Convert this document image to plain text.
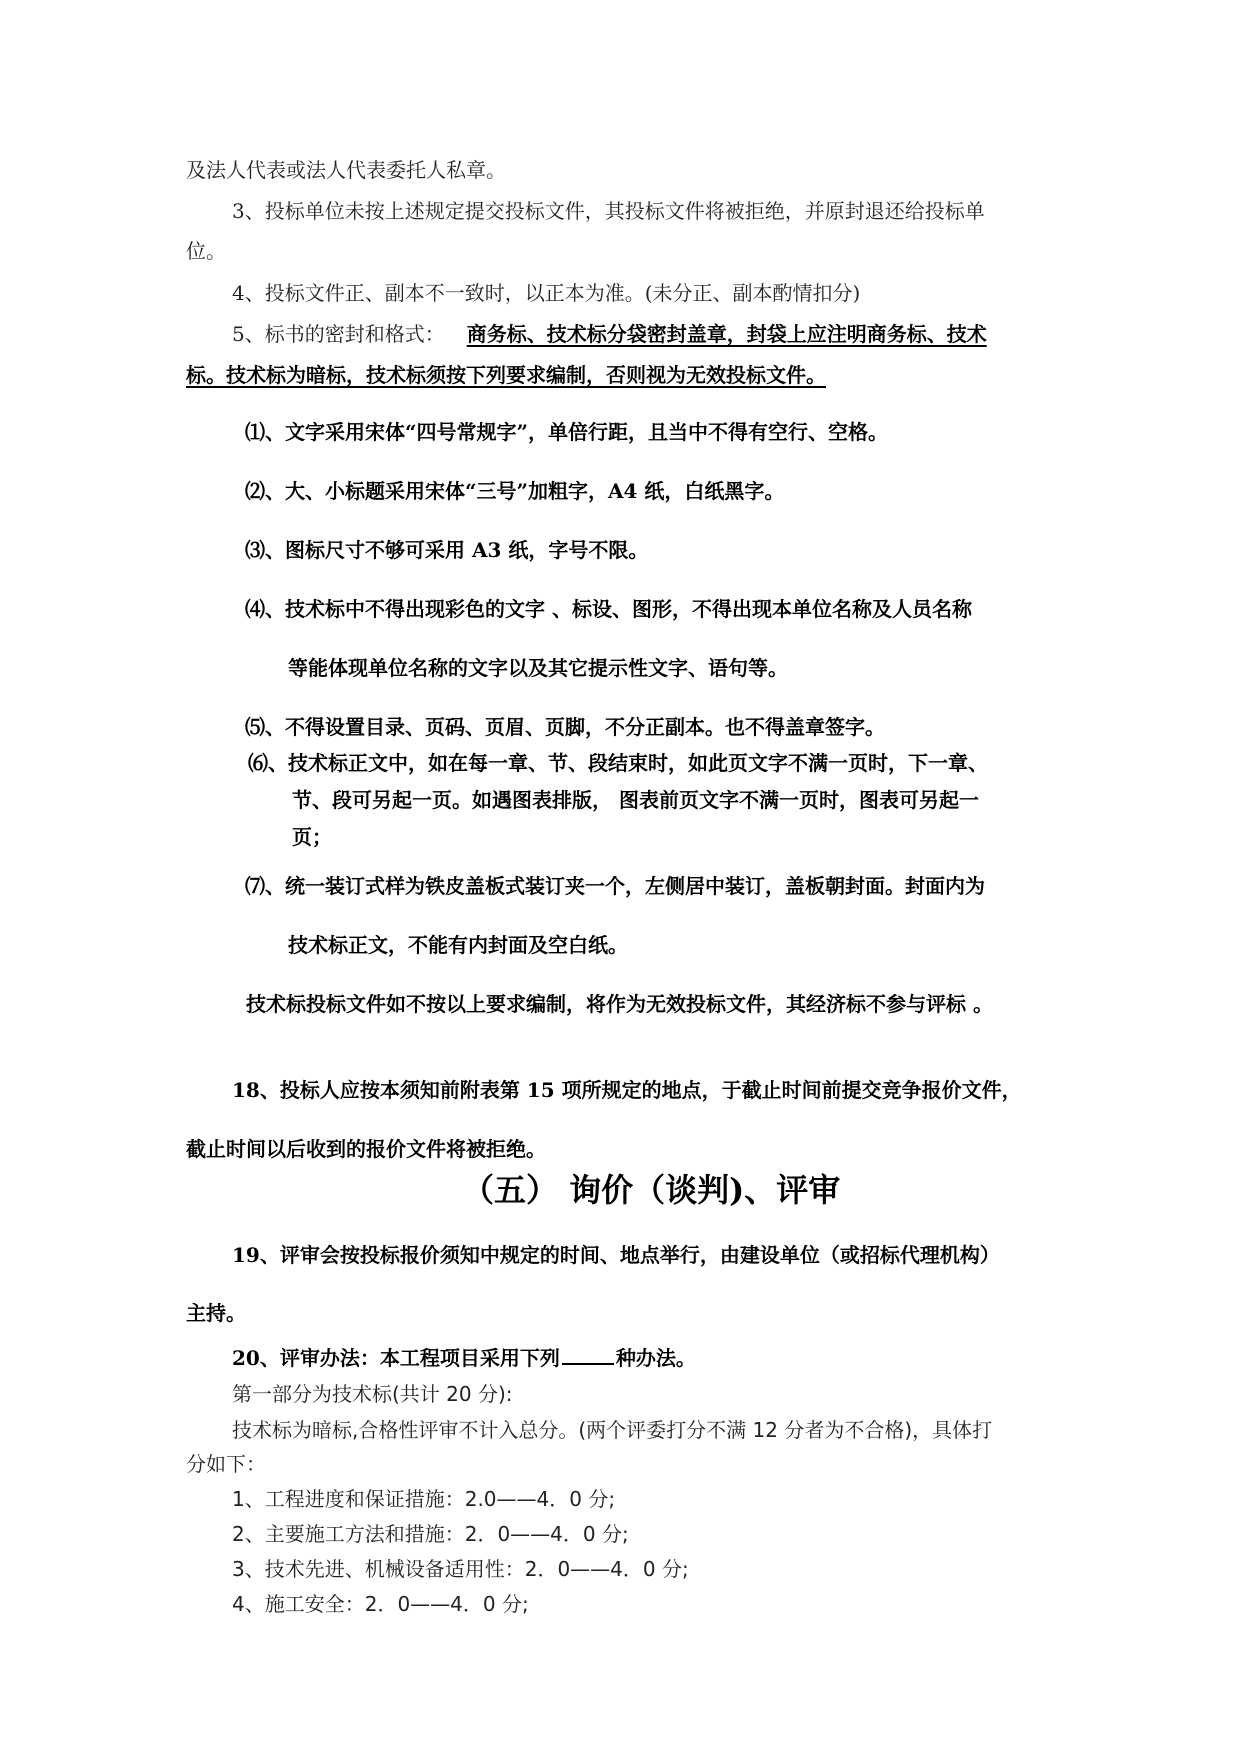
及法人代表或法人代表委托人私章。
3、投标单位未按上述规定提交投标文件，其投标文件将被拒绝，并原封退还给投标单
位。
4、投标文件正、副本不一致时，以正本为准。(未分正、副本酌情扣分)
5、标书的密封和格式： 商务标、技术标分袋密封盖章，封袋上应注明商务标、技术
标。技术标为暗标，技术标须按下列要求编制，否则视为无效投标文件。
⑴、文字采用宋体“四号常规字”，单倍行距，且当中不得有空行、空格。
⑵、大、小标题采用宋体“三号”加粗字，A4 纸，白纸黑字。
⑶、图标尺寸不够可采用 A3 纸，字号不限。
⑷、技术标中不得出现彩色的文字 、标设、图形，不得出现本单位名称及人员名称
等能体现单位名称的文字以及其它提示性文字、语句等。
⑸、不得设置目录、页码、页眉、页脚，不分正副本。也不得盖章签字。
⑹、技术标正文中，如在每一章、节、段结束时，如此页文字不满一页时，下一章、
节、段可另起一页。如遇图表排版， 图表前页文字不满一页时，图表可另起一
页；
⑺、统一装订式样为铁皮盖板式装订夹一个，左侧居中装订，盖板朝封面。封面内为
技术标正文，不能有内封面及空白纸。
技术标投标文件如不按以上要求编制，将作为无效投标文件，其经济标不参与评标 。
18、投标人应按本须知前附表第 15 项所规定的地点，于截止时间前提交竞争报价文件，
截止时间以后收到的报价文件将被拒绝。
（五） 询价（谈判)、评审
19、评审会按投标报价须知中规定的时间、地点举行，由建设单位（或招标代理机构）
主持。
20、评审办法：本工程项目采用下列	种办法。
第一部分为技术标(共计 20 分):
技术标为暗标,合格性评审不计入总分。(两个评委打分不满 12 分者为不合格)，具体打
分如下：
1、工程进度和保证措施：2.0——4．0 分;
2、主要施工方法和措施：2．0——4．0 分;
3、技术先进、机械设备适用性：2．0——4．0 分;
4、施工安全：2．0——4．0 分;
